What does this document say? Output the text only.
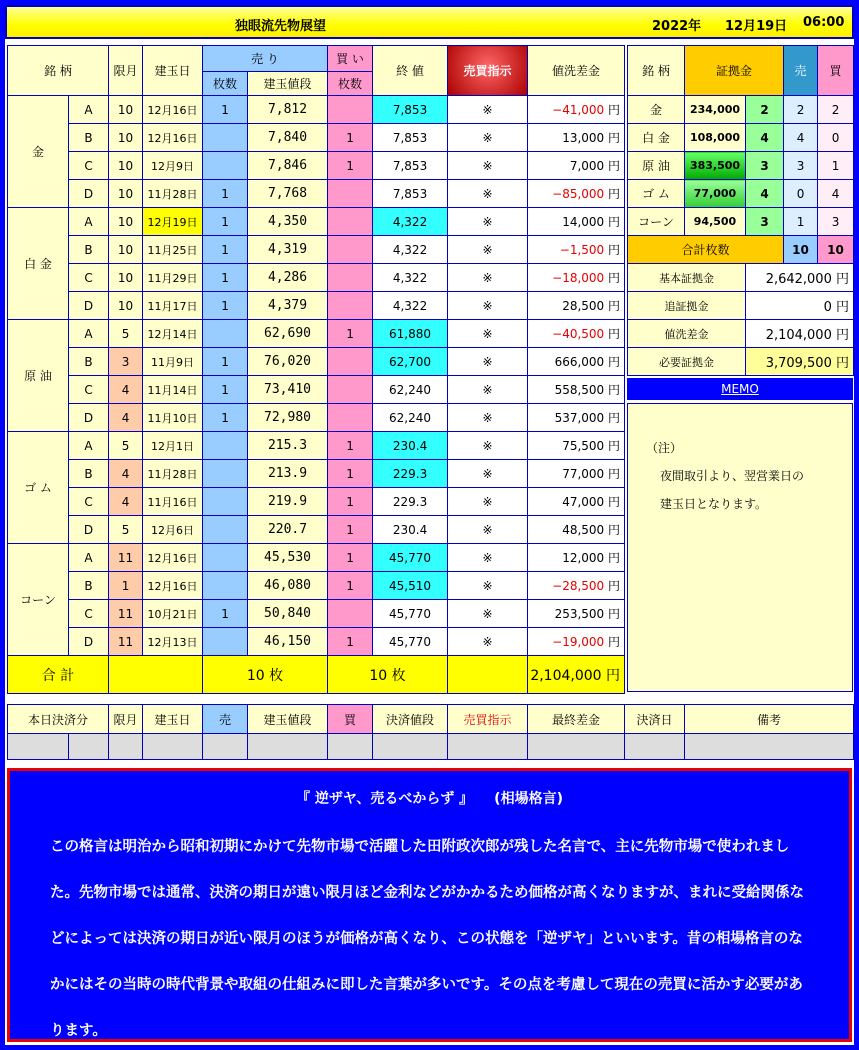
独眼流先物展望	2022年 12月19日 06:00
銘 柄		限月	建玉日	売 り		買 い	終 値	売買指示	値洗差金
				枚数	建玉値段	枚数			
金	A	10	12月16日	1	7,812		7,853	※	−41,000 円
	B	10	12月16日		7,840	1	7,853	※	13,000 円
	C	10	12月9日		7,846	1	7,853	※	7,000 円
	D	10	11月28日	1	7,768		7,853	※	−85,000 円
白 金	A	10	12月19日	1	4,350		4,322	※	14,000 円
	B	10	11月25日	1	4,319		4,322	※	−1,500 円
	C	10	11月29日	1	4,286		4,322	※	−18,000 円
	D	10	11月17日	1	4,379		4,322	※	28,500 円
原 油	A	5	12月14日		62,690	1	61,880	※	−40,500 円
	B	3	11月9日	1	76,020		62,700	※	666,000 円
	C	4	11月14日	1	73,410		62,240	※	558,500 円
	D	4	11月10日	1	72,980		62,240	※	537,000 円
ゴ ム	A	5	12月1日		215.3	1	230.4	※	75,500 円
	B	4	11月28日		213.9	1	229.3	※	77,000 円
	C	4	11月16日		219.9	1	229.3	※	47,000 円
	D	5	12月6日		220.7	1	230.4	※	48,500 円
コーン	A	11	12月16日		45,530	1	45,770	※	12,000 円
	B	1	12月16日		46,080	1	45,510	※	−28,500 円
	C	11	10月21日	1	50,840		45,770	※	253,500 円
	D	11	12月13日		46,150	1	45,770	※	−19,000 円
合 計				10 枚		10 枚			2,104,000 円
銘 柄	証拠金		売	買
金	234,000	2	2	2
白 金	108,000	4	4	0
原 油	383,500	3	3	1
ゴ ム	77,000	4	0	4
コーン	94,500	3	1	3
合計枚数			10	10
基本証拠金		2,642,000 円		
追証拠金		0 円		
値洗差金		2,104,000 円		
必要証拠金		3,709,500 円		
MEMO
（注）
夜間取引より、翌営業日の
建玉日となります。
本日決済分		限月	建玉日	売	建玉値段	買	決済値段	売買指示	最終差金	決済日	備考

『 逆ザヤ、売るべからず 』　　(相場格言)

この格言は明治から昭和初期にかけて先物市場で活躍した田附政次郎が残した名言で、主に先物市場で使われました。先物市場では通常、決済の期日が遠い限月ほど金利などがかかるため価格が高くなりますが、まれに受給関係などによっては決済の期日が近い限月のほうが価格が高くなり、この状態を「逆ザヤ」といいます。昔の相場格言のなかにはその当時の時代背景や取組の仕組みに即した言葉が多いです。その点を考慮して現在の売買に活かす必要があります。
